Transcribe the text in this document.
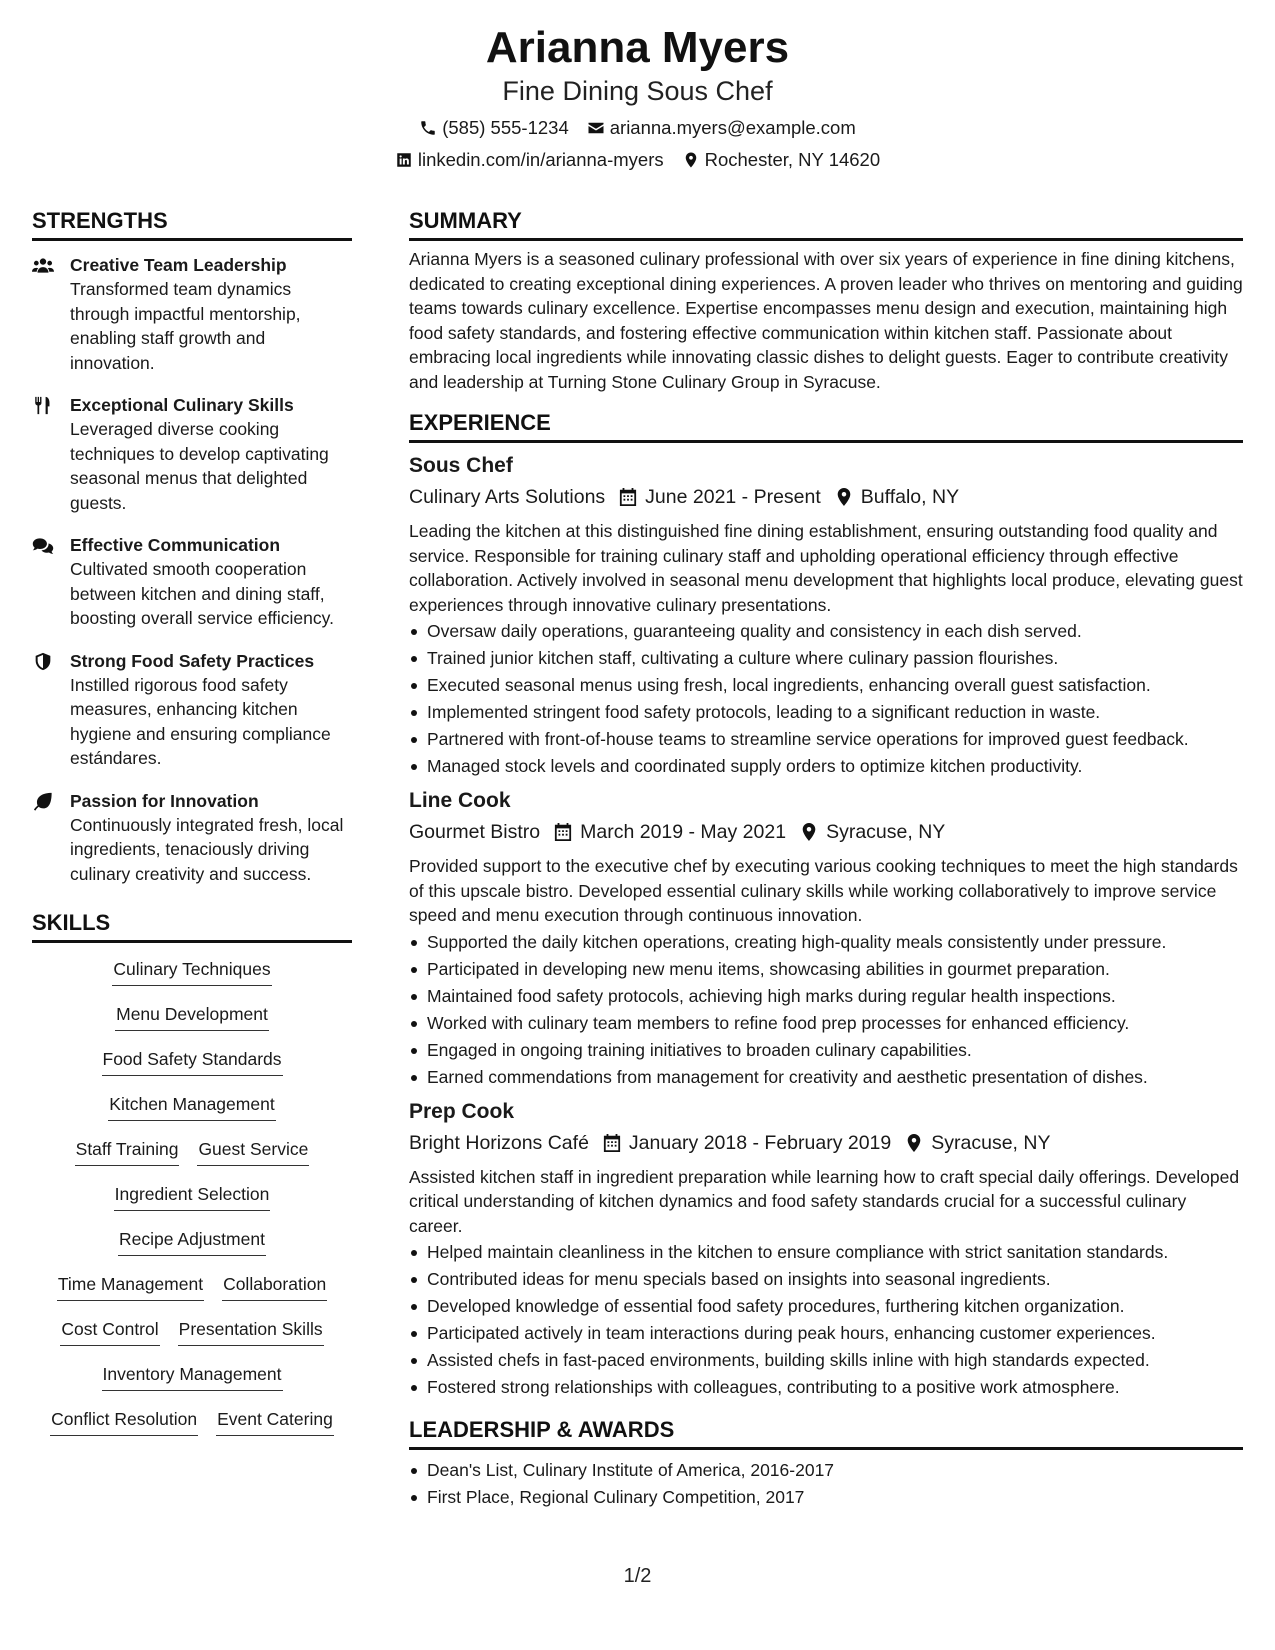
Arianna Myers
Fine Dining Sous Chef
(585) 555-1234 arianna.myers@example.com
linkedin.com/in/arianna-myers Rochester, NY 14620
STRENGTHS
Creative Team Leadership
Transformed team dynamics through impactful mentorship, enabling staff growth and innovation.
Exceptional Culinary Skills
Leveraged diverse cooking techniques to develop captivating seasonal menus that delighted guests.
Effective Communication
Cultivated smooth cooperation between kitchen and dining staff, boosting overall service efficiency.
Strong Food Safety Practices
Instilled rigorous food safety measures, enhancing kitchen hygiene and ensuring compliance estándares.
Passion for Innovation
Continuously integrated fresh, local ingredients, tenaciously driving culinary creativity and success.
SKILLS
Culinary Techniques
Menu Development
Food Safety Standards
Kitchen Management
Staff Training Guest Service
Ingredient Selection
Recipe Adjustment
Time Management Collaboration
Cost Control Presentation Skills
Inventory Management
Conflict Resolution Event Catering
SUMMARY
Arianna Myers is a seasoned culinary professional with over six years of experience in fine dining kitchens, dedicated to creating exceptional dining experiences. A proven leader who thrives on mentoring and guiding teams towards culinary excellence. Expertise encompasses menu design and execution, maintaining high food safety standards, and fostering effective communication within kitchen staff. Passionate about embracing local ingredients while innovating classic dishes to delight guests. Eager to contribute creativity and leadership at Turning Stone Culinary Group in Syracuse.
EXPERIENCE
Sous Chef
Culinary Arts Solutions June 2021 - Present Buffalo, NY
Leading the kitchen at this distinguished fine dining establishment, ensuring outstanding food quality and service. Responsible for training culinary staff and upholding operational efficiency through effective collaboration. Actively involved in seasonal menu development that highlights local produce, elevating guest experiences through innovative culinary presentations.
Oversaw daily operations, guaranteeing quality and consistency in each dish served.
Trained junior kitchen staff, cultivating a culture where culinary passion flourishes.
Executed seasonal menus using fresh, local ingredients, enhancing overall guest satisfaction.
Implemented stringent food safety protocols, leading to a significant reduction in waste.
Partnered with front-of-house teams to streamline service operations for improved guest feedback.
Managed stock levels and coordinated supply orders to optimize kitchen productivity.
Line Cook
Gourmet Bistro March 2019 - May 2021 Syracuse, NY
Provided support to the executive chef by executing various cooking techniques to meet the high standards of this upscale bistro. Developed essential culinary skills while working collaboratively to improve service speed and menu execution through continuous innovation.
Supported the daily kitchen operations, creating high-quality meals consistently under pressure.
Participated in developing new menu items, showcasing abilities in gourmet preparation.
Maintained food safety protocols, achieving high marks during regular health inspections.
Worked with culinary team members to refine food prep processes for enhanced efficiency.
Engaged in ongoing training initiatives to broaden culinary capabilities.
Earned commendations from management for creativity and aesthetic presentation of dishes.
Prep Cook
Bright Horizons Café January 2018 - February 2019 Syracuse, NY
Assisted kitchen staff in ingredient preparation while learning how to craft special daily offerings. Developed critical understanding of kitchen dynamics and food safety standards crucial for a successful culinary career.
Helped maintain cleanliness in the kitchen to ensure compliance with strict sanitation standards.
Contributed ideas for menu specials based on insights into seasonal ingredients.
Developed knowledge of essential food safety procedures, furthering kitchen organization.
Participated actively in team interactions during peak hours, enhancing customer experiences.
Assisted chefs in fast-paced environments, building skills inline with high standards expected.
Fostered strong relationships with colleagues, contributing to a positive work atmosphere.
LEADERSHIP & AWARDS
Dean's List, Culinary Institute of America, 2016-2017
First Place, Regional Culinary Competition, 2017
1/2
